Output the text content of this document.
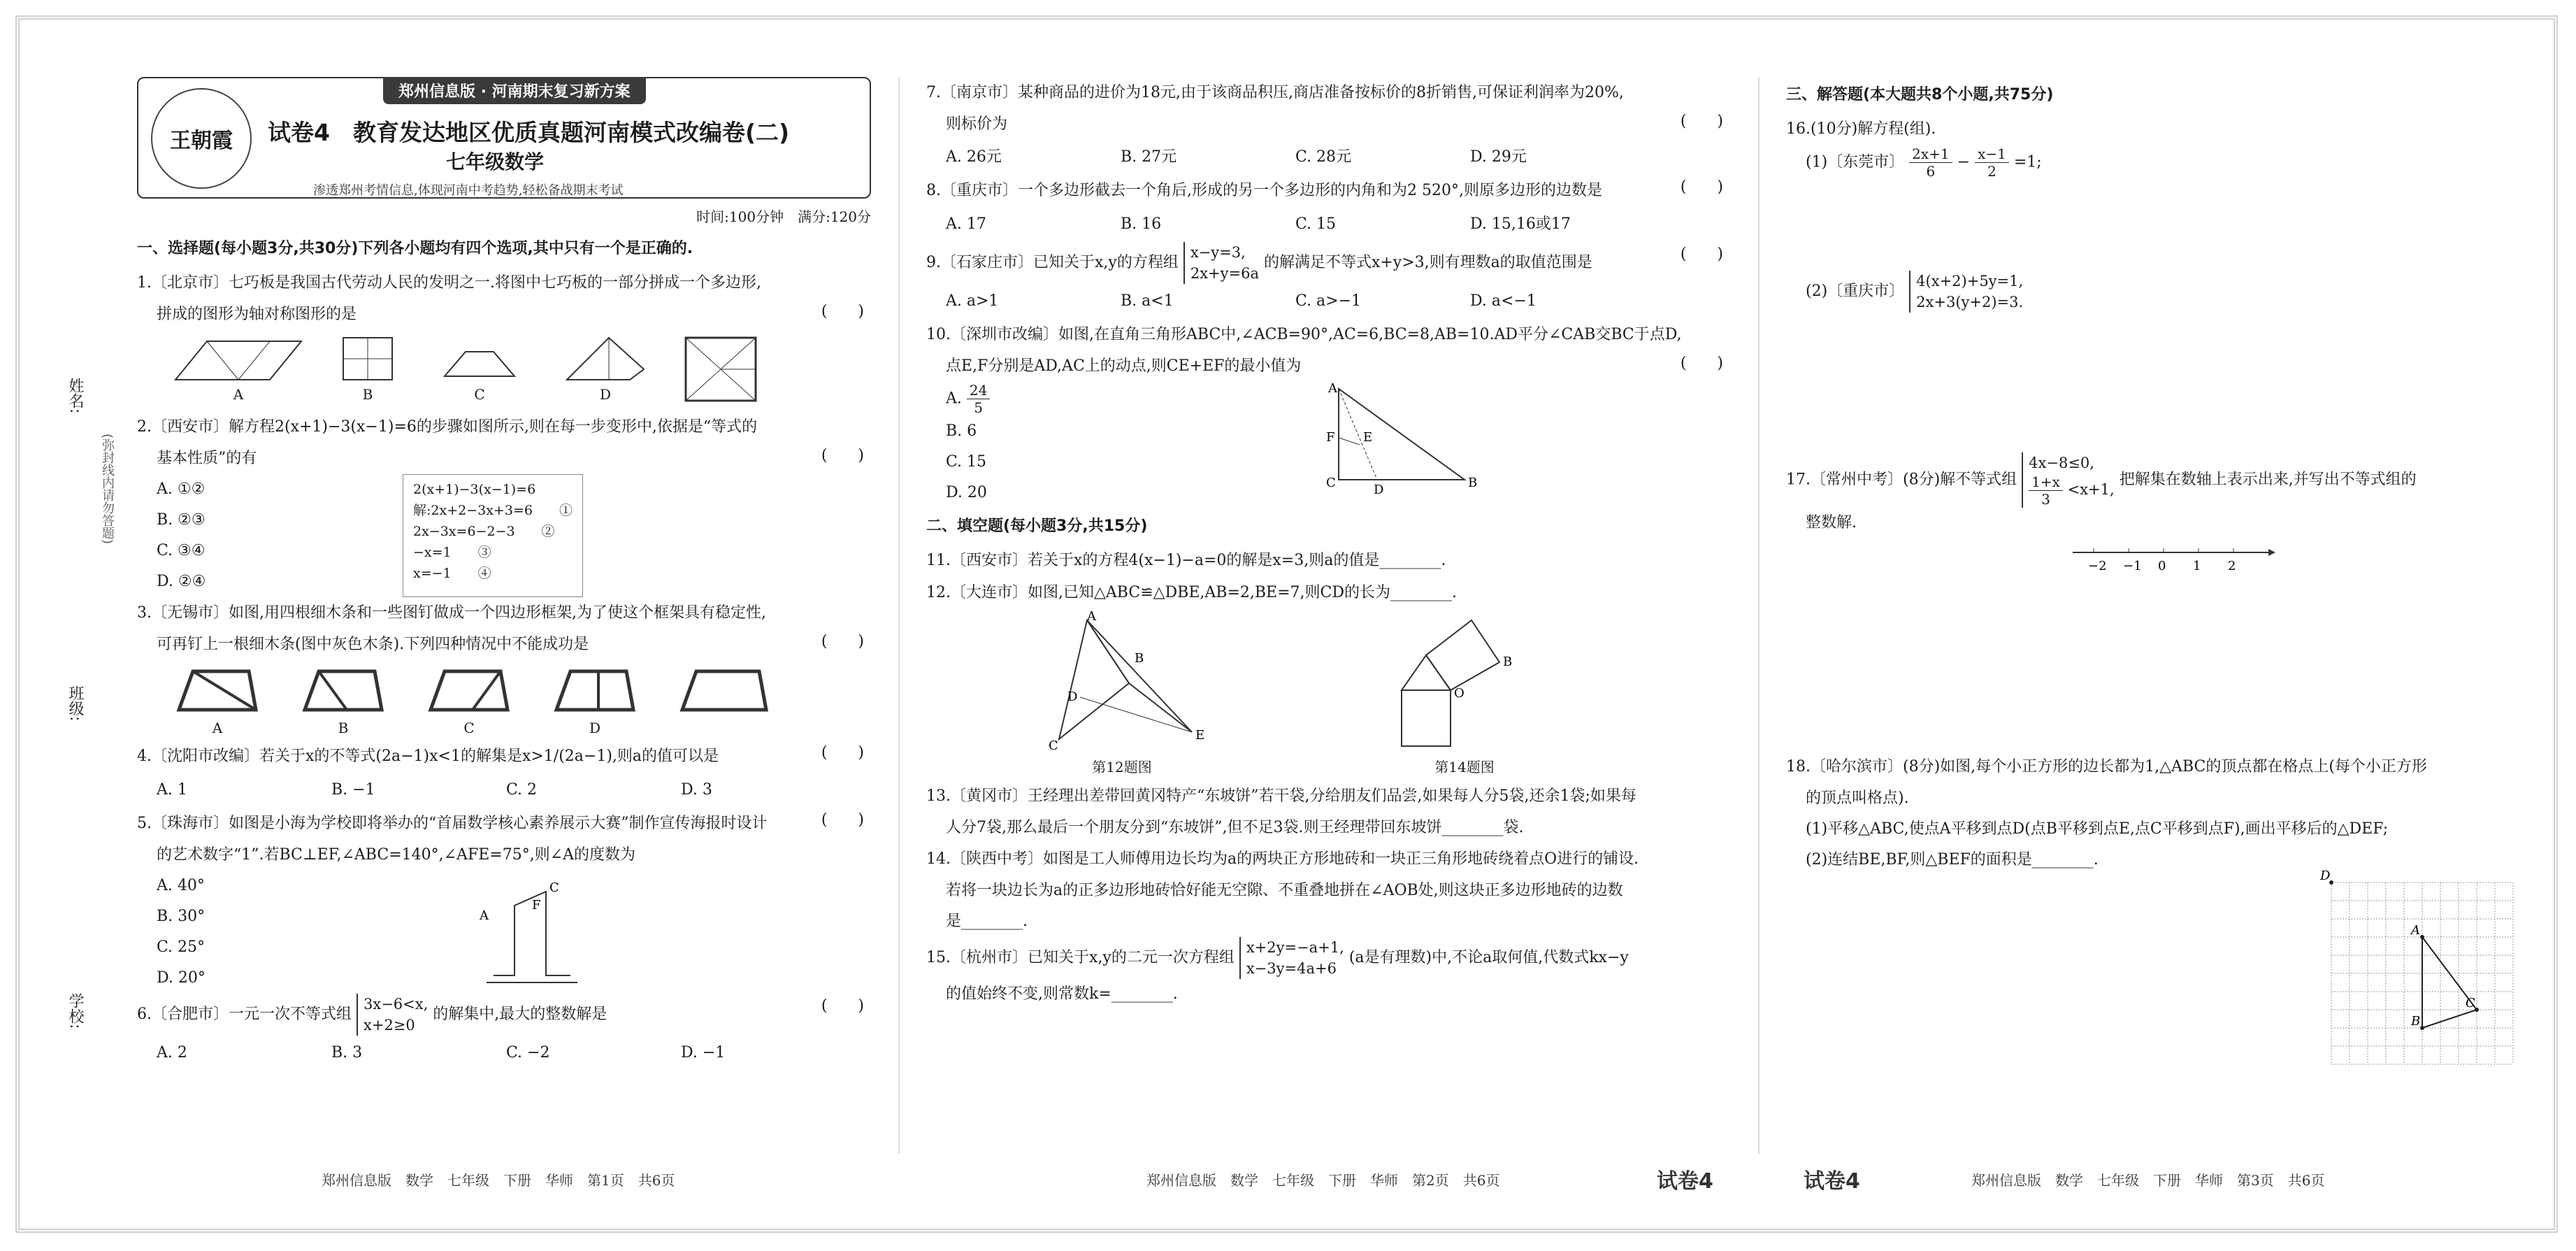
姓名:
班级:
学校:
(弥封线内请勿答题)
郑州信息版 · 河南期末复习新方案
王朝霞	试卷4　教育发达地区优质真题河南模式改编卷(二)
七年级数学
渗透郑州考情信息,体现河南中考趋势,轻松备战期末考试
时间:100分钟　满分:120分
一、选择题(每小题3分,共30分)下列各小题均有四个选项,其中只有一个是正确的.
1.〔北京市〕七巧板是我国古代劳动人民的发明之一.将图中七巧板的一部分拼成一个多边形,
拼成的图形为轴对称图形的是	(　　)
A	B	C	D
2.〔西安市〕解方程2(x+1)−3(x−1)=6的步骤如图所示,则在每一步变形中,依据是“等式的
基本性质”的有	(　　)
A. ①②
B. ②③
C. ③④
D. ②④
2(x+1)−3(x−1)=6
解:2x+2−3x+3=6　　①
2x−3x=6−2−3　　②
−x=1　　③
x=−1　　④
3.〔无锡市〕如图,用四根细木条和一些图钉做成一个四边形框架,为了使这个框架具有稳定性,
可再钉上一根细木条(图中灰色木条).下列四种情况中不能成功是	(　　)
A	B	C	D
4.〔沈阳市改编〕若关于x的不等式(2a−1)x<1的解集是x>1/(2a−1),则a的值可以是	(　　)
A. 1	B. −1	C. 2	D. 3
5.〔珠海市〕如图是小海为学校即将举办的“首届数学核心素养展示大赛”制作宣传海报时设计
的艺术数字“1”.若BC⊥EF,∠ABC=140°,∠AFE=75°,则∠A的度数为
(　　)
A. 40°
B. 30°
C. 25°
D. 20°
A
C
F
6.〔合肥市〕一元一次不等式组 3x−6<x,
x+2≥0 的解集中,最大的整数解是	(　　)
A. 2	B. 3	C. −2	D. −1
7.〔南京市〕某种商品的进价为18元,由于该商品积压,商店准备按标价的8折销售,可保证利润率为20%,
则标价为	(　　)
A. 26元	B. 27元	C. 28元	D. 29元
8.〔重庆市〕一个多边形截去一个角后,形成的另一个多边形的内角和为2 520°,则原多边形的边数是	(　　)
A. 17	B. 16	C. 15	D. 15,16或17
9.〔石家庄市〕已知关于x,y的方程组 x−y=3,
2x+y=6a 的解满足不等式x+y>3,则有理数a的取值范围是	(　　)
A. a>1	B. a<1	C. a>−1	D. a<−1
10.〔深圳市改编〕如图,在直角三角形ABC中,∠ACB=90°,AC=6,BC=8,AB=10.AD平分∠CAB交BC于点D,
点E,F分别是AD,AC上的动点,则CE+EF的最小值为	(　　)
A. $\frac{24}{5}$
B. 6
C. 15
D. 20
A
C	B
D
F E
二、填空题(每小题3分,共15分)
11.〔西安市〕若关于x的方程4(x−1)−a=0的解是x=3,则a的值是________.
12.〔大连市〕如图,已知△ABC≌△DBE,AB=2,BE=7,则CD的长为________.
A
B
C
D
E
第12题图
B
O
第14题图
13.〔黄冈市〕王经理出差带回黄冈特产“东坡饼”若干袋,分给朋友们品尝,如果每人分5袋,还余1袋;如果每
人分7袋,那么最后一个朋友分到“东坡饼”,但不足3袋.则王经理带回东坡饼________袋.
14.〔陕西中考〕如图是工人师傅用边长均为a的两块正方形地砖和一块正三角形地砖绕着点O进行的铺设.
若将一块边长为a的正多边形地砖恰好能无空隙、不重叠地拼在∠AOB处,则这块正多边形地砖的边数
是________.
15.〔杭州市〕已知关于x,y的二元一次方程组 x+2y=−a+1,
x−3y=4a+6 (a是有理数)中,不论a取何值,代数式kx−y
的值始终不变,则常数k=________.
三、解答题(本大题共8个小题,共75分)
16.(10分)解方程(组).
(1)〔东莞市〕 $\frac{2x+1}{6} - \frac{x-1}{2} =1$;
(2)〔重庆市〕 4(x+2)+5y=1,
2x+3(y+2)=3.
17.〔常州中考〕(8分)解不等式组 4x−8≤0,

$\frac{1+x}{3} <x+1$, 把解集在数轴上表示出来,并写出不等式组的
整数解.
−2 −1 0 1 2
18.〔哈尔滨市〕(8分)如图,每个小正方形的边长都为1,△ABC的顶点都在格点上(每个小正方形
的顶点叫格点).
(1)平移△ABC,使点A平移到点D(点B平移到点E,点C平移到点F),画出平移后的△DEF;
(2)连结BE,BF,则△BEF的面积是________.
D
A
B
C
郑州信息版　数学　七年级　下册　华师　第1页　共6页	郑州信息版　数学　七年级　下册　华师　第2页　共6页	试卷4	试卷4	郑州信息版　数学　七年级　下册　华师　第3页　共6页
